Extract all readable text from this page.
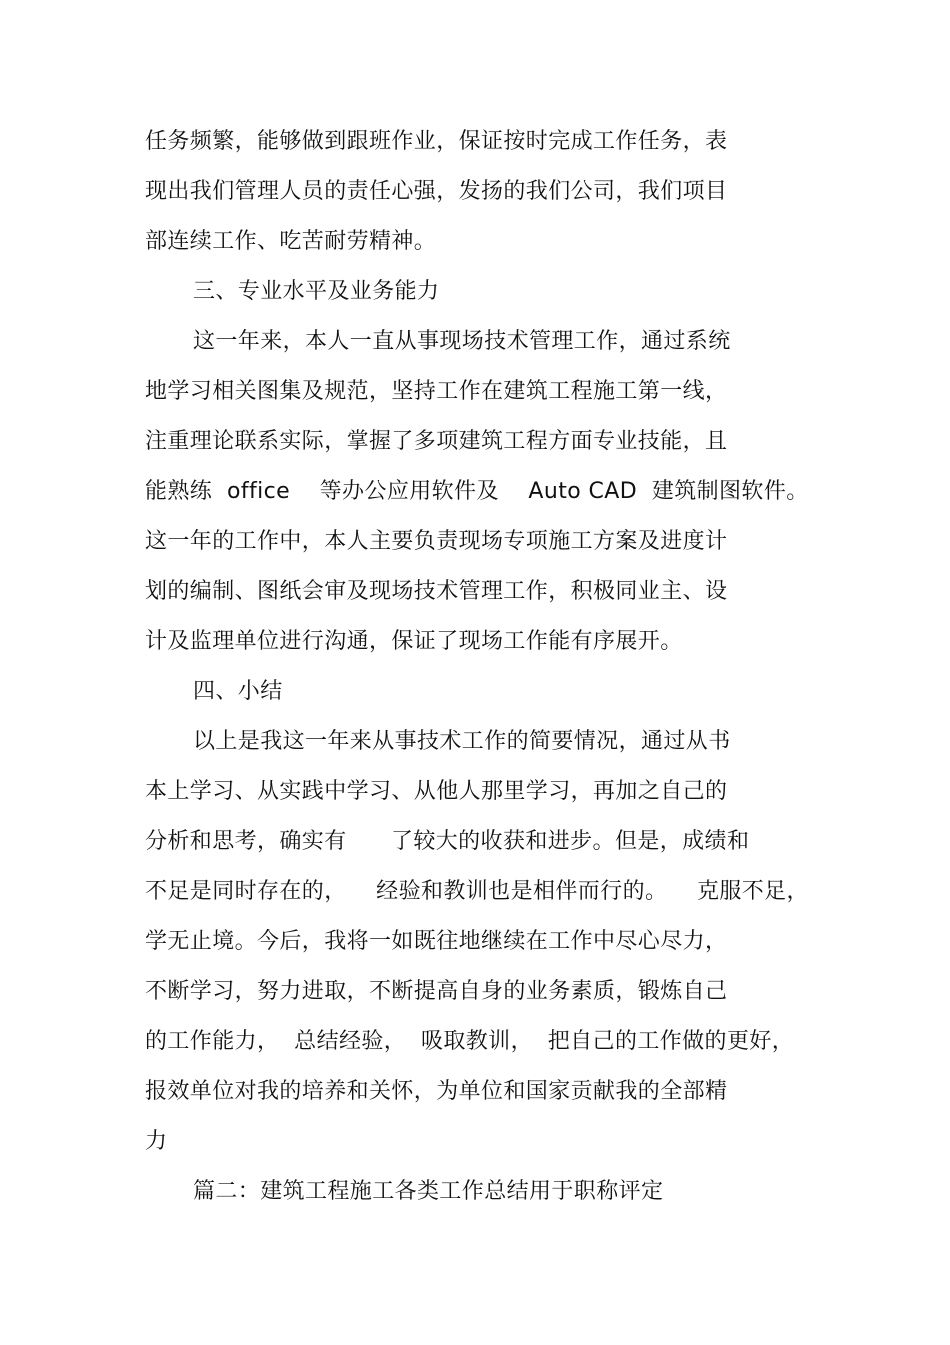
任务频繁，能够做到跟班作业，保证按时完成工作任务，表
现出我们管理人员的责任心强，发扬的我们公司，我们项目
部连续工作、吃苦耐劳精神。
三、专业水平及业务能力
这一年来，本人一直从事现场技术管理工作，通过系统
地学习相关图集及规范，坚持工作在建筑工程施工第一线，
注重理论联系实际，掌握了多项建筑工程方面专业技能，且
能熟练  office    等办公应用软件及    Auto CAD  建筑制图软件。
这一年的工作中，本人主要负责现场专项施工方案及进度计
划的编制、图纸会审及现场技术管理工作，积极同业主、设
计及监理单位进行沟通，保证了现场工作能有序展开。
四、小结
以上是我这一年来从事技术工作的简要情况，通过从书
本上学习、从实践中学习、从他人那里学习，再加之自己的
分析和思考，确实有      了较大的收获和进步。但是，成绩和
不足是同时存在的，    经验和教训也是相伴而行的。    克服不足，
学无止境。今后，我将一如既往地继续在工作中尽心尽力，
不断学习，努力进取，不断提高自身的业务素质，锻炼自己
的工作能力，  总结经验，  吸取教训，  把自己的工作做的更好，
报效单位对我的培养和关怀，为单位和国家贡献我的全部精
力
篇二：建筑工程施工各类工作总结用于职称评定
